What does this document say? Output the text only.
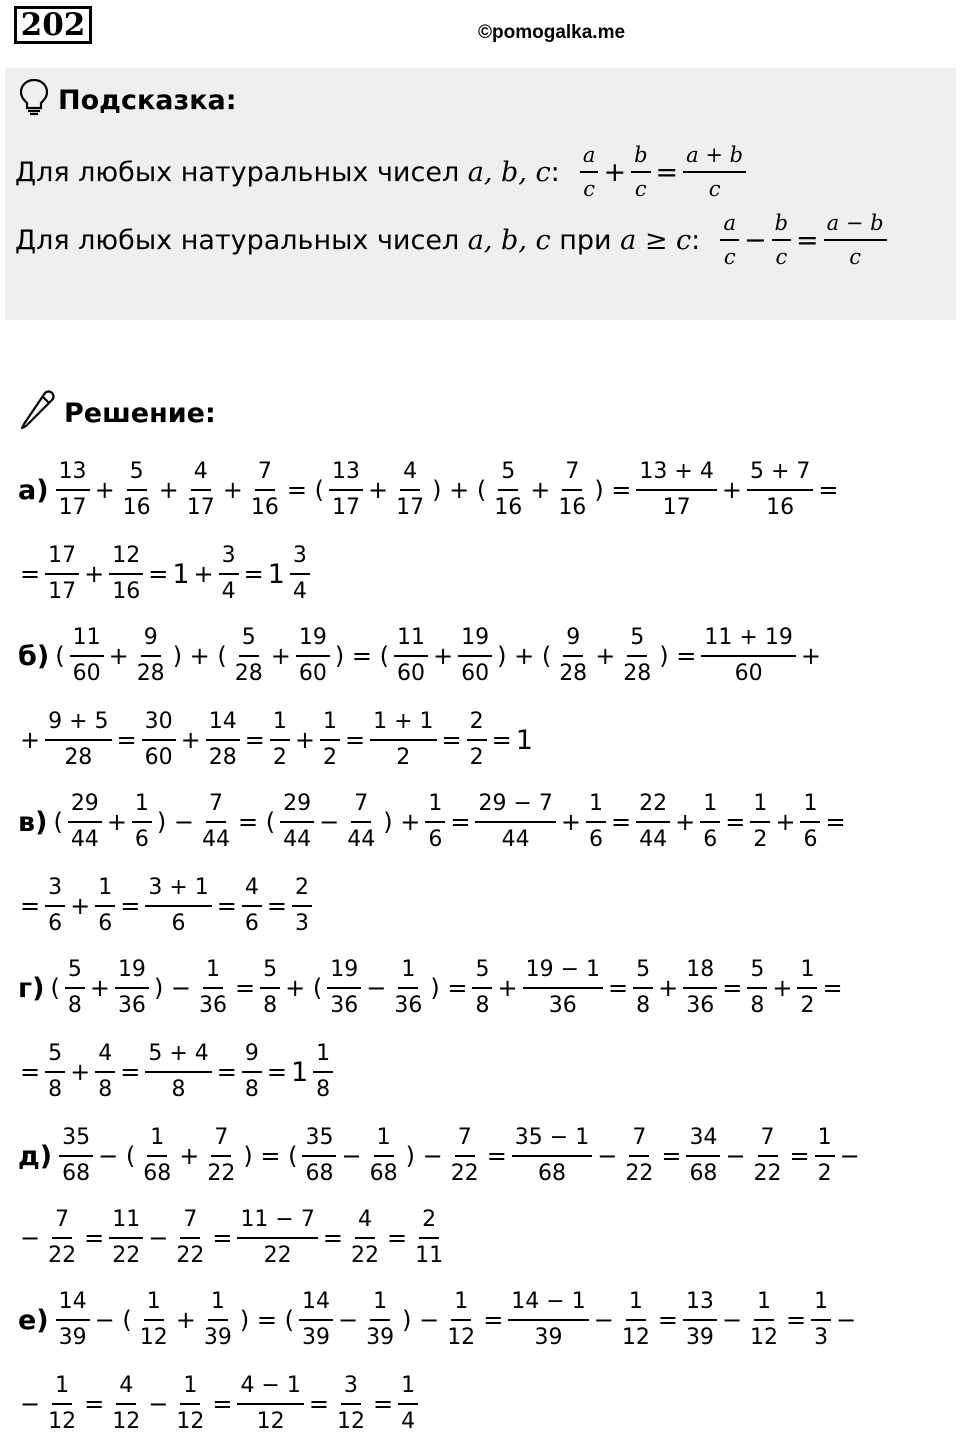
202	©pomogalka.me
Подсказка:
Для любых натуральных чисел a, b, c :
$\frac{a}{c} + \frac{b}{c} = \frac{a + b}{c}$
Для любых натуральных чисел a, b, c при a ≥ c :
$\frac{a}{c} - \frac{b}{c} = \frac{a - b}{c}$
Решение:
$а) \frac{13}{17} + \frac{5}{16} + \frac{4}{17} + \frac{7}{16}$ = ( $\frac{13}{17} + \frac{4}{17}$ ) + ( $\frac{5}{16} + \frac{7}{16}$ ) = $\frac{13 + 4}{17} + \frac{5 + 7}{16}$ =
= $\frac{17}{17} + \frac{12}{16} = 1 + \frac{3}{4} = 1 \frac{3}{4}$
б) ( $\frac{11}{60} + \frac{9}{28}$ ) + ( $\frac{5}{28} + \frac{19}{60}$ ) = ( $\frac{11}{60} + \frac{19}{60}$ ) + ( $\frac{9}{28} + \frac{5}{28}$ ) = $\frac{11 + 19}{60}$ +
+ $\frac{9 + 5}{28} = \frac{30}{60} + \frac{14}{28} = \frac{1}{2} + \frac{1}{2} = \frac{1 + 1}{2} = \frac{2}{2} = 1$
в) ( $\frac{29}{44} + \frac{1}{6}$ ) − $\frac{7}{44}$ = ( $\frac{29}{44} - \frac{7}{44}$ ) + $\frac{1}{6} = \frac{29 - 7}{44} + \frac{1}{6} = \frac{22}{44} + \frac{1}{6} = \frac{1}{2} + \frac{1}{6}$ =
= $\frac{3}{6} + \frac{1}{6} = \frac{3 + 1}{6} = \frac{4}{6} = \frac{2}{3}$
г) ( $\frac{5}{8} + \frac{19}{36}$ ) − $\frac{1}{36} = \frac{5}{8}$ + ( $\frac{19}{36} - \frac{1}{36}$ ) = $\frac{5}{8} + \frac{19 - 1}{36} = \frac{5}{8} + \frac{18}{36} = \frac{5}{8} + \frac{1}{2}$ =
= $\frac{5}{8} + \frac{4}{8} = \frac{5 + 4}{8} = \frac{9}{8} = 1 \frac{1}{8}$
$д) \frac{35}{68}$ − ( $\frac{1}{68} + \frac{7}{22}$ ) = ( $\frac{35}{68} - \frac{1}{68}$ ) − $\frac{7}{22} = \frac{35 - 1}{68} - \frac{7}{22} = \frac{34}{68} - \frac{7}{22} = \frac{1}{2}$ −
− $\frac{7}{22} = \frac{11}{22} - \frac{7}{22} = \frac{11 - 7}{22} = \frac{4}{22} = \frac{2}{11}$
$е) \frac{14}{39}$ − ( $\frac{1}{12} + \frac{1}{39}$ ) = ( $\frac{14}{39} - \frac{1}{39}$ ) − $\frac{1}{12} = \frac{14 - 1}{39} - \frac{1}{12} = \frac{13}{39} - \frac{1}{12} = \frac{1}{3}$ −
− $\frac{1}{12} = \frac{4}{12} - \frac{1}{12} = \frac{4 - 1}{12} = \frac{3}{12} = \frac{1}{4}$
